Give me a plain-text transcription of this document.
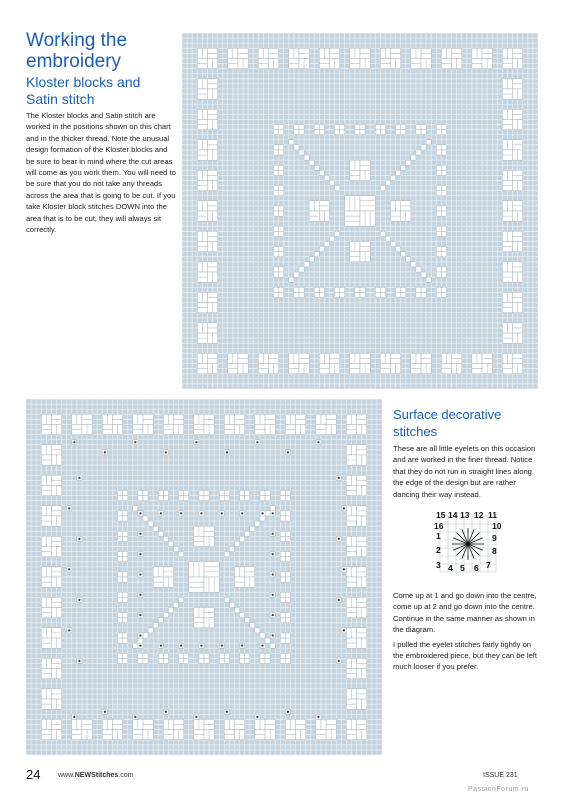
Working the embroidery
Kloster blocks and Satin stitch

The Kloster blocks and Satin stitch are worked in the positions shown on this chart and in the thicker thread. Note the unusual design formation of the Kloster blocks and be sure to bear in mind where the cut areas will come as you work them. You will need to be sure that you do not take any threads across the area that is going to be cut. If you take Kloster block stitches DOWN into the area that is to be cut, they will always sit correctly.

Surface decorative stitches

These are all little eyelets on this occasion and are worked in the finer thread. Notice that they do not run in straight lines along the edge of the design but are rather dancing their way instead.

15 14 13 12 11
16	10
1	9
2	8
3 4 5 6 7

Come up at 1 and go down into the centre, come up at 2 and go down into the centre. Continue in the same manner as shown in the diagram.

I pulled the eyelet stitches fairly tightly on the embroidered piece, but they can be left much looser if you prefer.

24	www.NEWStitches.com	ISSUE 231
PassionForum.ru
